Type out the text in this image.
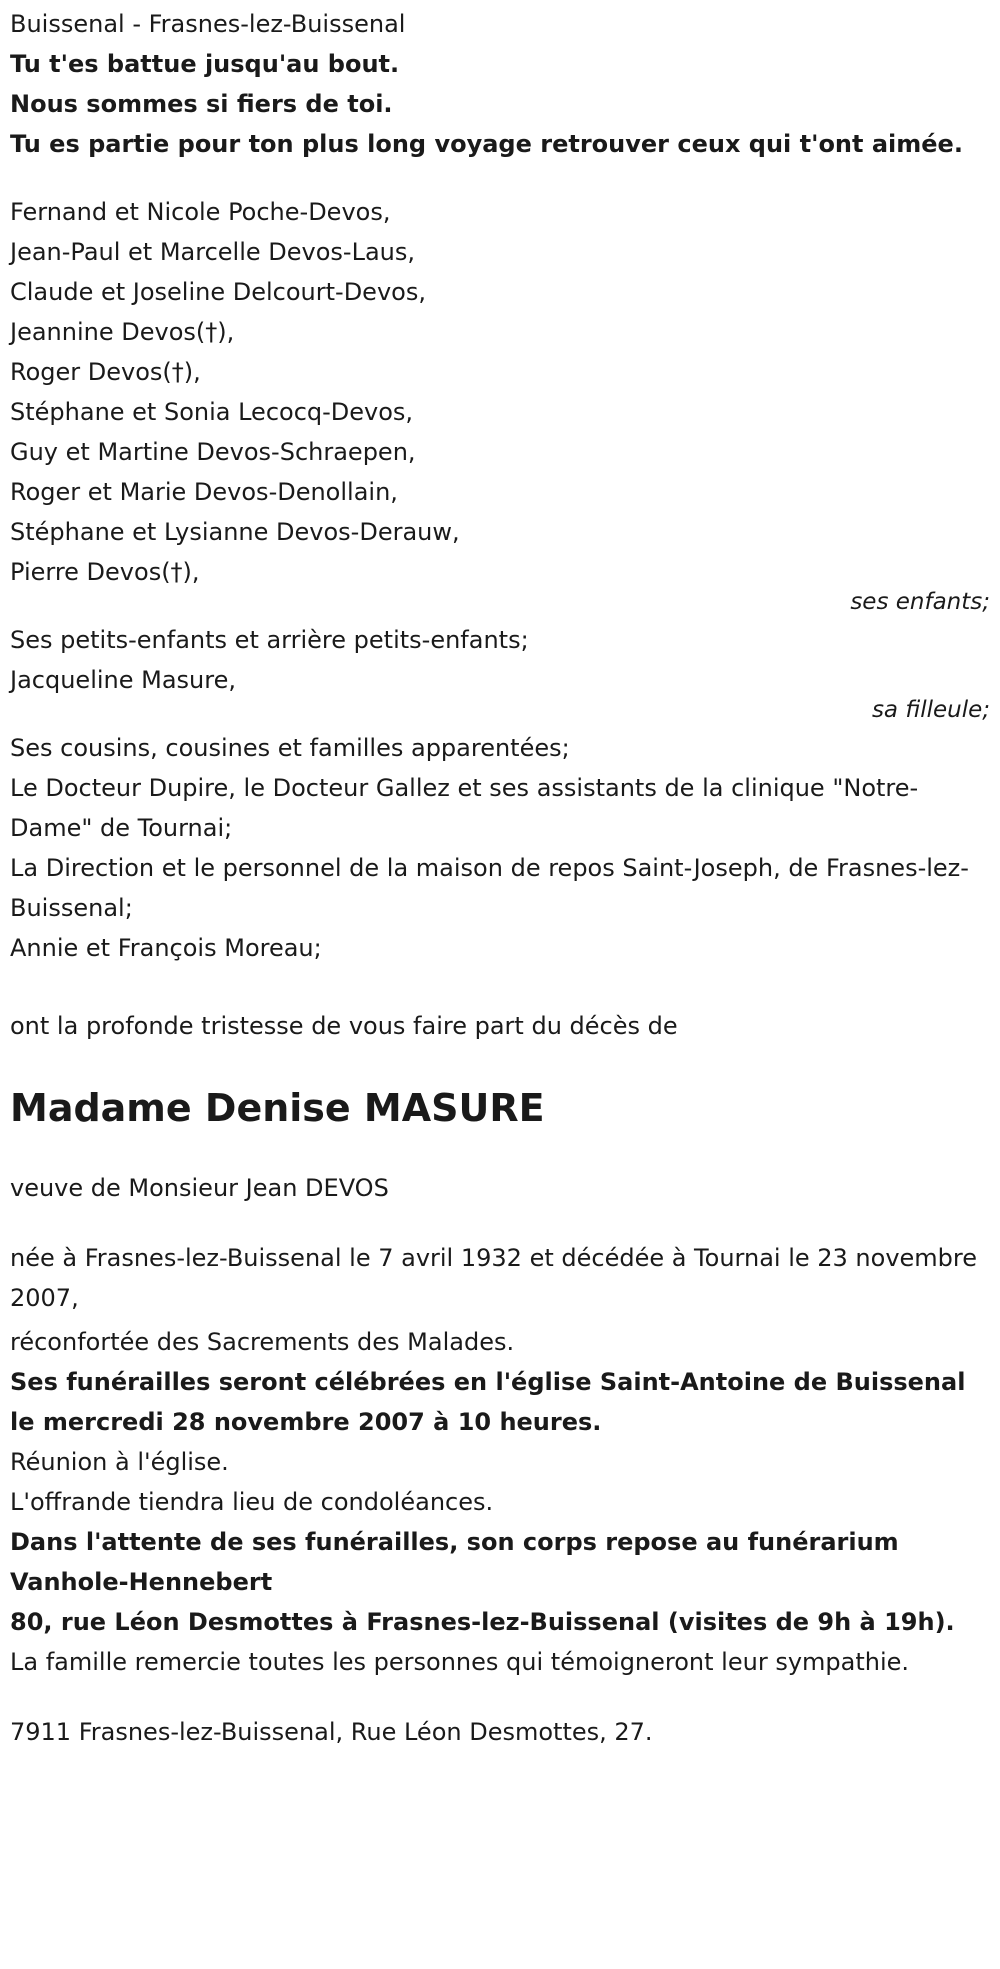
Buissenal - Frasnes-lez-Buissenal
Tu t'es battue jusqu'au bout.
Nous sommes si fiers de toi.
Tu es partie pour ton plus long voyage retrouver ceux qui t'ont aimée.
Fernand et Nicole Poche-Devos,
Jean-Paul et Marcelle Devos-Laus,
Claude et Joseline Delcourt-Devos,
Jeannine Devos(†),
Roger Devos(†),
Stéphane et Sonia Lecocq-Devos,
Guy et Martine Devos-Schraepen,
Roger et Marie Devos-Denollain,
Stéphane et Lysianne Devos-Derauw,
Pierre Devos(†),
ses enfants;
Ses petits-enfants et arrière petits-enfants;
Jacqueline Masure,
sa filleule;
Ses cousins, cousines et familles apparentées;
Le Docteur Dupire, le Docteur Gallez et ses assistants de la clinique "Notre-Dame" de Tournai;
La Direction et le personnel de la maison de repos Saint-Joseph, de Frasnes-lez-Buissenal;
Annie et François Moreau;
ont la profonde tristesse de vous faire part du décès de
Madame Denise MASURE
veuve de Monsieur Jean DEVOS
née à Frasnes-lez-Buissenal le 7 avril 1932 et décédée à Tournai le 23 novembre 2007,
réconfortée des Sacrements des Malades.
Ses funérailles seront célébrées en l'église Saint-Antoine de Buissenal
le mercredi 28 novembre 2007 à 10 heures.
Réunion à l'église.
L'offrande tiendra lieu de condoléances.
Dans l'attente de ses funérailles, son corps repose au funérarium Vanhole-Hennebert
80, rue Léon Desmottes à Frasnes-lez-Buissenal (visites de 9h à 19h).
La famille remercie toutes les personnes qui témoigneront leur sympathie.
7911 Frasnes-lez-Buissenal, Rue Léon Desmottes, 27.
